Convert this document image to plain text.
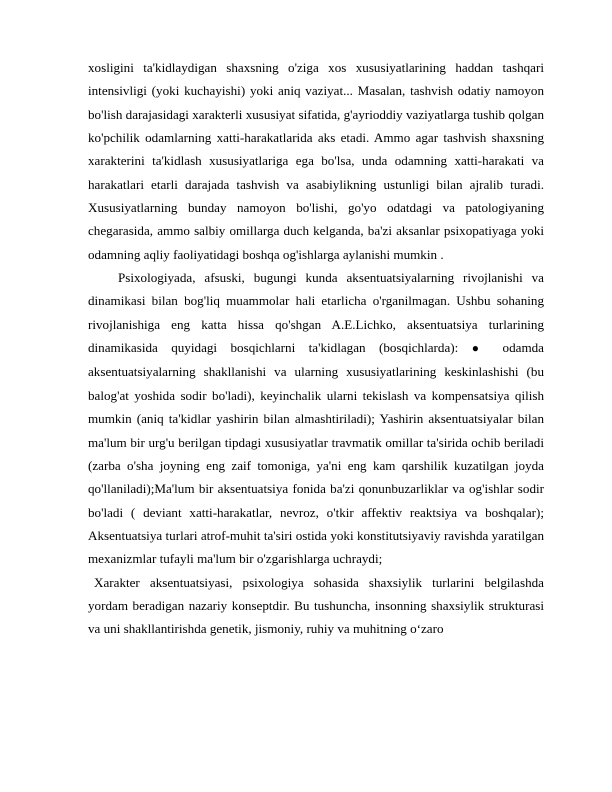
xosligini ta'kidlaydigan shaxsning o'ziga xos xususiyatlarining haddan tashqari intensivligi (yoki kuchayishi) yoki aniq vaziyat... Masalan, tashvish odatiy namoyon bo'lish darajasidagi xarakterli xususiyat sifatida, g'ayrioddiy vaziyatlarga tushib qolgan ko'pchilik odamlarning xatti-harakatlarida aks etadi. Ammo agar tashvish shaxsning xarakterini ta'kidlash xususiyatlariga ega bo'lsa, unda odamning xatti-harakati va harakatlari etarli darajada tashvish va asabiylikning ustunligi bilan ajralib turadi. Xususiyatlarning bunday namoyon bo'lishi, go'yo odatdagi va patologiyaning chegarasida, ammo salbiy omillarga duch kelganda, ba'zi aksanlar psixopatiyaga yoki odamning aqliy faoliyatidagi boshqa og'ishlarga aylanishi mumkin .

Psixologiyada, afsuski, bugungi kunda aksentuatsiyalarning rivojlanishi va dinamikasi bilan bog'liq muammolar hali etarlicha o'rganilmagan. Ushbu sohaning rivojlanishiga eng katta hissa qo'shgan A.E.Lichko, aksentuatsiya turlarining dinamikasida quyidagi bosqichlarni ta'kidlagan (bosqichlarda): ● odamda aksentuatsiyalarning shakllanishi va ularning xususiyatlarining keskinlashishi (bu balog'at yoshida sodir bo'ladi), keyinchalik ularni tekislash va kompensatsiya qilish mumkin (aniq ta'kidlar yashirin bilan almashtiriladi); Yashirin aksentuatsiyalar bilan ma'lum bir urg'u berilgan tipdagi xususiyatlar travmatik omillar ta'sirida ochib beriladi (zarba o'sha joyning eng zaif tomoniga, ya'ni eng kam qarshilik kuzatilgan joyda qo'llaniladi);Ma'lum bir aksentuatsiya fonida ba'zi qonunbuzarliklar va og'ishlar sodir bo'ladi ( deviant xatti-harakatlar, nevroz, o'tkir affektiv reaktsiya va boshqalar); Aksentuatsiya turlari atrof-muhit ta'siri ostida yoki konstitutsiyaviy ravishda yaratilgan mexanizmlar tufayli ma'lum bir o'zgarishlarga uchraydi;

Xarakter aksentuatsiyasi, psixologiya sohasida shaxsiylik turlarini belgilashda yordam beradigan nazariy konseptdir. Bu tushuncha, insonning shaxsiylik strukturasi va uni shakllantirishda genetik, jismoniy, ruhiy va muhitning o‘zaro
